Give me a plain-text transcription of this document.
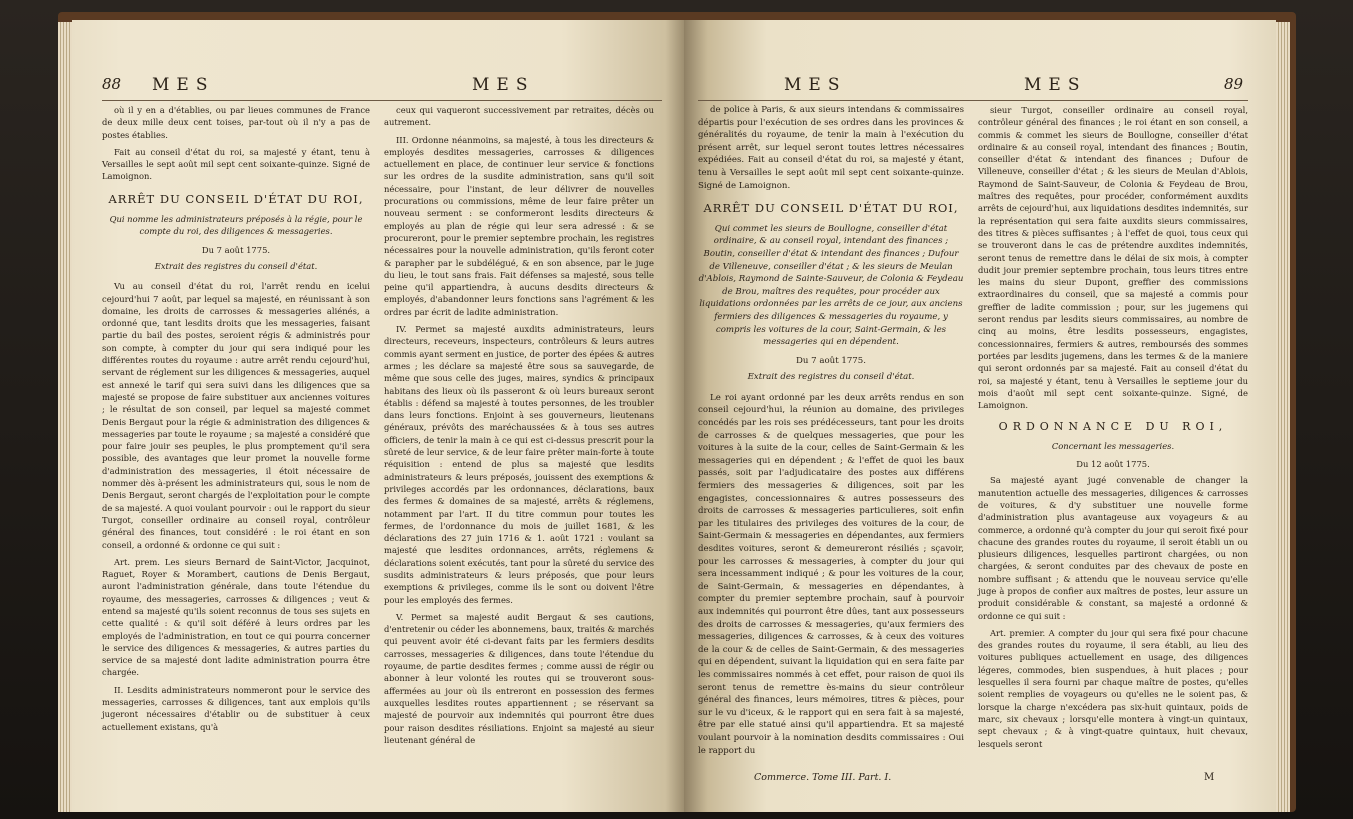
88 MES	MES

où il y en a d'établies, ou par lieues communes de France de deux mille deux cent toises, par-tout où il n'y a pas de postes établies.

Fait au conseil d'état du roi, sa majesté y étant, tenu à Versailles le sept août mil sept cent soixante-quinze. Signé de Lamoignon.

ARRÊT DU CONSEIL D'ÉTAT DU ROI,

Qui nomme les administrateurs préposés à la régie, pour le compte du roi, des diligences & messageries.

Du 7 août 1775.

Extrait des registres du conseil d'état.

Vu au conseil d'état du roi, l'arrêt rendu en icelui cejourd'hui 7 août, par lequel sa majesté, en réunissant à son domaine, les droits de carrosses & messageries aliénés, a ordonné que, tant lesdits droits que les messageries, faisant partie du bail des postes, seroient régis & administrés pour son compte, à compter du jour qui sera indiqué pour les différentes routes du royaume : autre arrêt rendu cejourd'hui, servant de réglement sur les diligences & messageries, auquel est annexé le tarif qui sera suivi dans les diligences que sa majesté se propose de faire substituer aux anciennes voitures ; le résultat de son conseil, par lequel sa majesté commet Denis Bergaut pour la régie & administration des diligences & messageries par toute le royaume ; sa majesté a considéré que pour faire jouir ses peuples, le plus promptement qu'il sera possible, des avantages que leur promet la nouvelle forme d'administration des messageries, il étoit nécessaire de nommer dès à-présent les administrateurs qui, sous le nom de Denis Bergaut, seront chargés de l'exploitation pour le compte de sa majesté. A quoi voulant pourvoir : oui le rapport du sieur Turgot, conseiller ordinaire au conseil royal, contrôleur général des finances, tout considéré : le roi étant en son conseil, a ordonné & ordonne ce qui suit :

Art. prem. Les sieurs Bernard de Saint-Victor, Jacquinot, Raguet, Royer & Morambert, cautions de Denis Bergaut, auront l'administration générale, dans toute l'étendue du royaume, des messageries, carrosses & diligences ; veut & entend sa majesté qu'ils soient reconnus de tous ses sujets en cette qualité : & qu'il soit déféré à leurs ordres par les employés de l'administration, en tout ce qui pourra concerner le service des diligences & messageries, & autres parties du service de sa majesté dont ladite administration pourra être chargée.

II. Lesdits administrateurs nommeront pour le service des messageries, carrosses & diligences, tant aux emplois qu'ils jugeront nécessaires d'établir ou de substituer à ceux actuellement existans, qu'à

ceux qui vaqueront successivement par retraites, décès ou autrement.

III. Ordonne néanmoins, sa majesté, à tous les directeurs & employés desdites messageries, carrosses & diligences actuellement en place, de continuer leur service & fonctions sur les ordres de la susdite administration, sans qu'il soit nécessaire, pour l'instant, de leur délivrer de nouvelles procurations ou commissions, même de leur faire prêter un nouveau serment : se conformeront lesdits directeurs & employés au plan de régie qui leur sera adressé : & se procureront, pour le premier septembre prochain, les registres nécessaires pour la nouvelle administration, qu'ils feront coter & parapher par le subdélégué, & en son absence, par le juge du lieu, le tout sans frais. Fait défenses sa majesté, sous telle peine qu'il appartiendra, à aucuns desdits directeurs & employés, d'abandonner leurs fonctions sans l'agrément & les ordres par écrit de ladite administration.

IV. Permet sa majesté auxdits administrateurs, leurs directeurs, receveurs, inspecteurs, contrôleurs & leurs autres commis ayant serment en justice, de porter des épées & autres armes ; les déclare sa majesté être sous sa sauvegarde, de même que sous celle des juges, maires, syndics & principaux habitans des lieux où ils passeront & où leurs bureaux seront établis : défend sa majesté à toutes personnes, de les troubler dans leurs fonctions. Enjoint à ses gouverneurs, lieutenans généraux, prévôts des maréchaussées & à tous ses autres officiers, de tenir la main à ce qui est ci-dessus prescrit pour la sûreté de leur service, & de leur faire prêter main-forte à toute réquisition : entend de plus sa majesté que lesdits administrateurs & leurs préposés, jouissent des exemptions & privileges accordés par les ordonnances, déclarations, baux des fermes & domaines de sa majesté, arrêts & réglemens, notamment par l'art. II du titre commun pour toutes les fermes, de l'ordonnance du mois de juillet 1681, & les déclarations des 27 juin 1716 & 1. août 1721 : voulant sa majesté que lesdites ordonnances, arrêts, réglemens & déclarations soient exécutés, tant pour la sûreté du service des susdits administrateurs & leurs préposés, que pour leurs exemptions & privileges, comme ils le sont ou doivent l'être pour les employés des fermes.

V. Permet sa majesté audit Bergaut & ses cautions, d'entretenir ou céder les abonnemens, baux, traités & marchés qui peuvent avoir été ci-devant faits par les fermiers desdits carrosses, messageries & diligences, dans toute l'étendue du royaume, de partie desdites fermes ; comme aussi de régir ou abonner à leur volonté les routes qui se trouveront sous-affermées au jour où ils entreront en possession des fermes auxquelles lesdites routes appartiennent ; se réservant sa majesté de pourvoir aux indemnités qui pourront être dues pour raison desdites résiliations. Enjoint sa majesté au sieur lieutenant général de

MES	MES	89

de police à Paris, & aux sieurs intendans & commissaires départis pour l'exécution de ses ordres dans les provinces & généralités du royaume, de tenir la main à l'exécution du présent arrêt, sur lequel seront toutes lettres nécessaires expédiées. Fait au conseil d'état du roi, sa majesté y étant, tenu à Versailles le sept août mil sept cent soixante-quinze. Signé de Lamoignon.

ARRÊT DU CONSEIL D'ÉTAT DU ROI,

Qui commet les sieurs de Boullogne, conseiller d'état ordinaire, & au conseil royal, intendant des finances ; Boutin, conseiller d'état & intendant des finances ; Dufour de Villeneuve, conseiller d'état ; & les sieurs de Meulan d'Ablois, Raymond de Sainte-Sauveur, de Colonia & Feydeau de Brou, maîtres des requêtes, pour procéder aux liquidations ordonnées par les arrêts de ce jour, aux anciens fermiers des diligences & messageries du royaume, y compris les voitures de la cour, Saint-Germain, & les messageries qui en dépendent.

Du 7 août 1775.

Extrait des registres du conseil d'état.

Le roi ayant ordonné par les deux arrêts rendus en son conseil cejourd'hui, la réunion au domaine, des privileges concédés par les rois ses prédécesseurs, tant pour les droits de carrosses & de quelques messageries, que pour les voitures à la suite de la cour, celles de Saint-Germain & les messageries qui en dépendent ; & l'effet de quoi les baux passés, soit par l'adjudicataire des postes aux différens fermiers des messageries & diligences, soit par les engagistes, concessionnaires & autres possesseurs des droits de carrosses & messageries particulieres, soit enfin par les titulaires des privileges des voitures de la cour, de Saint-Germain & messageries en dépendantes, aux fermiers desdites voitures, seront & demeureront résiliés ; sçavoir, pour les carrosses & messageries, à compter du jour qui sera incessamment indiqué ; & pour les voitures de la cour, de Saint-Germain, & messageries en dépendantes, à compter du premier septembre prochain, sauf à pourvoir aux indemnités qui pourront être dûes, tant aux possesseurs des droits de carrosses & messageries, qu'aux fermiers des messageries, diligences & carrosses, & à ceux des voitures de la cour & de celles de Saint-Germain, & des messageries qui en dépendent, suivant la liquidation qui en sera faite par les commissaires nommés à cet effet, pour raison de quoi ils seront tenus de remettre ès-mains du sieur contrôleur général des finances, leurs mémoires, titres & pièces, pour sur le vu d'iceux, & le rapport qui en sera fait à sa majesté, être par elle statué ainsi qu'il appartiendra. Et sa majesté voulant pourvoir à la nomination desdits commissaires : Oui le rapport du

sieur Turgot, conseiller ordinaire au conseil royal, contrôleur général des finances ; le roi étant en son conseil, a commis & commet les sieurs de Boullogne, conseiller d'état ordinaire & au conseil royal, intendant des finances ; Boutin, conseiller d'état & intendant des finances ; Dufour de Villeneuve, conseiller d'état ; & les sieurs de Meulan d'Ablois, Raymond de Saint-Sauveur, de Colonia & Feydeau de Brou, maîtres des requêtes, pour procéder, conformément auxdits arrêts de cejourd'hui, aux liquidations desdites indemnités, sur la représentation qui sera faite auxdits sieurs commissaires, des titres & pièces suffisantes ; à l'effet de quoi, tous ceux qui se trouveront dans le cas de prétendre auxdites indemnités, seront tenus de remettre dans le délai de six mois, à compter dudit jour premier septembre prochain, tous leurs titres entre les mains du sieur Dupont, greffier des commissions extraordinaires du conseil, que sa majesté a commis pour greffier de ladite commission ; pour, sur les jugemens qui seront rendus par lesdits sieurs commissaires, au nombre de cinq au moins, être lesdits possesseurs, engagistes, concessionnaires, fermiers & autres, remboursés des sommes portées par lesdits jugemens, dans les termes & de la maniere qui seront ordonnés par sa majesté. Fait au conseil d'état du roi, sa majesté y étant, tenu à Versailles le septieme jour du mois d'août mil sept cent soixante-quinze. Signé, de Lamoignon.

ORDONNANCE DU ROI,

Concernant les messageries.

Du 12 août 1775.

Sa majesté ayant jugé convenable de changer la manutention actuelle des messageries, diligences & carrosses de voitures, & d'y substituer une nouvelle forme d'administration plus avantageuse aux voyageurs & au commerce, a ordonné qu'à compter du jour qui seroit fixé pour chacune des grandes routes du royaume, il seroit établi un ou plusieurs diligences, lesquelles partiront chargées, ou non chargées, & seront conduites par des chevaux de poste en nombre suffisant ; & attendu que le nouveau service qu'elle juge à propos de confier aux maîtres de postes, leur assure un produit considérable & constant, sa majesté a ordonné & ordonne ce qui suit :

Art. premier. A compter du jour qui sera fixé pour chacune des grandes routes du royaume, il sera établi, au lieu des voitures publiques actuellement en usage, des diligences légeres, commodes, bien suspendues, à huit places ; pour lesquelles il sera fourni par chaque maître de postes, qu'elles soient remplies de voyageurs ou qu'elles ne le soient pas, & lorsque la charge n'excédera pas six-huit quintaux, poids de marc, six chevaux ; lorsqu'elle montera à vingt-un quintaux, sept chevaux ; & à vingt-quatre quintaux, huit chevaux, lesquels seront

Commerce. Tome III. Part. I.	M
